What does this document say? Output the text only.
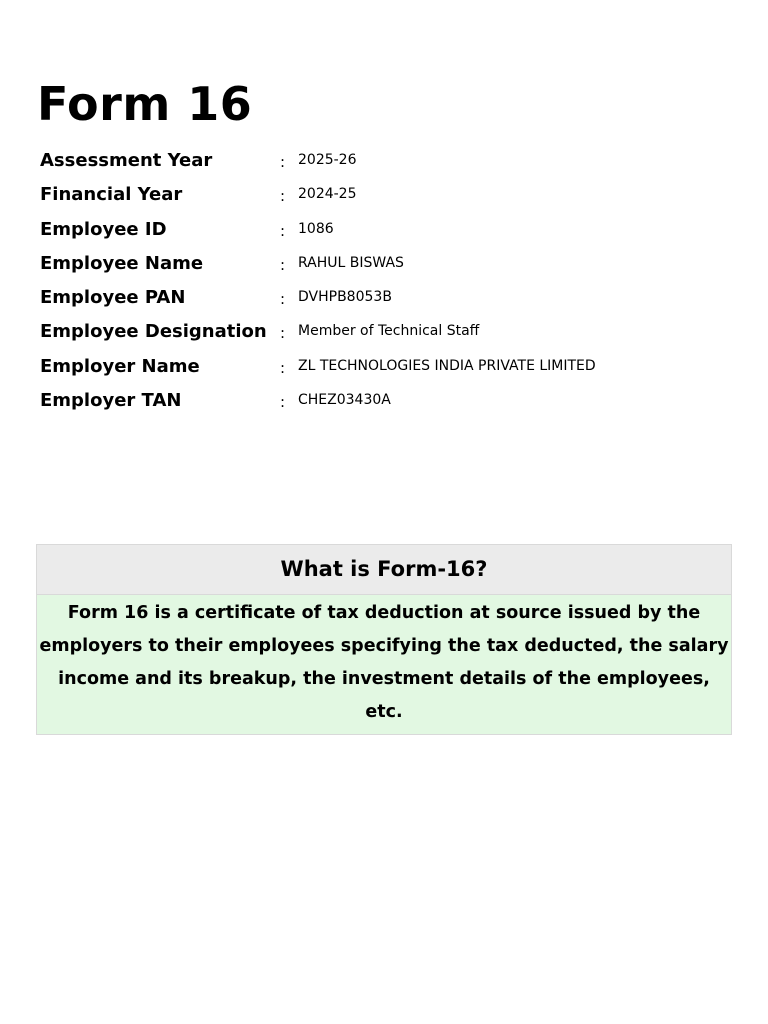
Form 16
Assessment Year	: 2025-26
Financial Year	: 2024-25
Employee ID	: 1086
Employee Name	: RAHUL BISWAS
Employee PAN	: DVHPB8053B
Employee Designation : Member of Technical Staff
Employer Name	: ZL TECHNOLOGIES INDIA PRIVATE LIMITED
Employer TAN	: CHEZ03430A
What is Form-16?
Form 16 is a certificate of tax deduction at source issued by the employers to their employees specifying the tax deducted, the salary income and its breakup, the investment details of the employees, etc.
